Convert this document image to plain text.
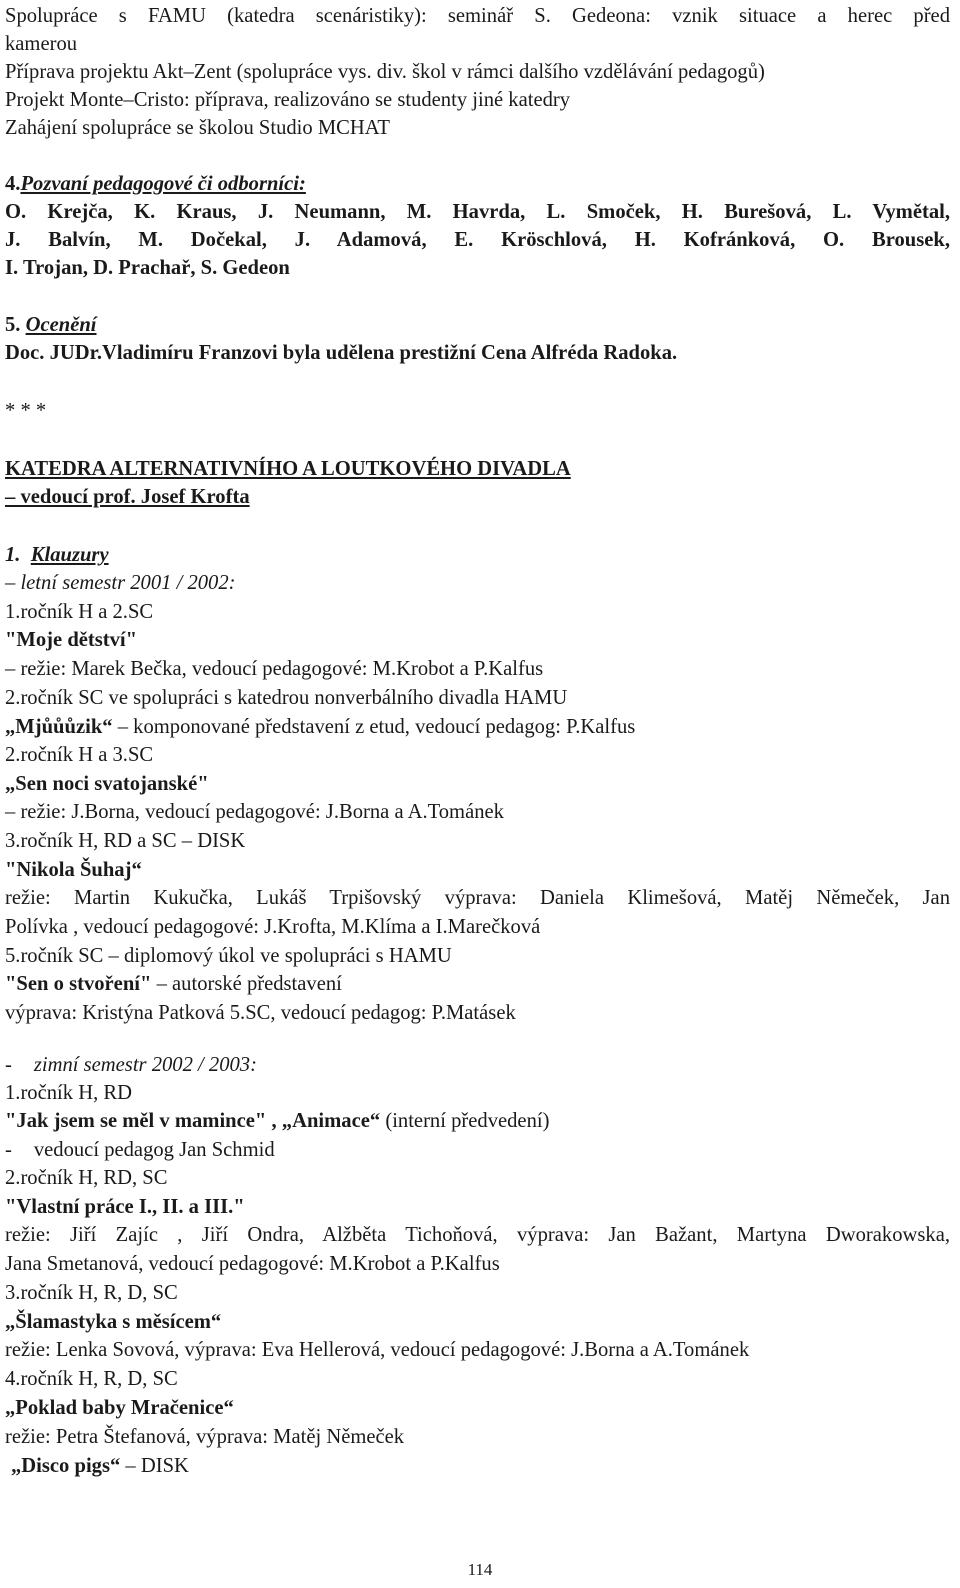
Spolupráce s FAMU (katedra scenáristiky): seminář S. Gedeona: vznik situace a herec před
kamerou
Příprava projektu Akt–Zent (spolupráce vys. div. škol v rámci dalšího vzdělávání pedagogů)
Projekt Monte–Cristo: příprava, realizováno se studenty jiné katedry
Zahájení spolupráce se školou Studio MCHAT
4.Pozvaní pedagogové či odborníci:
O. Krejča, K. Kraus, J. Neumann, M. Havrda, L. Smoček, H. Burešová, L. Vymětal,
J. Balvín, M. Dočekal, J. Adamová, E. Kröschlová, H. Kofránková, O. Brousek,
I. Trojan, D. Prachař, S. Gedeon
5. Ocenění
Doc. JUDr.Vladimíru Franzovi byla udělena prestižní Cena Alfréda Radoka.
* * *
KATEDRA ALTERNATIVNÍHO A LOUTKOVÉHO DIVADLA
– vedoucí prof. Josef Krofta
1. Klauzury
– letní semestr 2001 / 2002:
1.ročník H a 2.SC
"Moje dětství"
– režie: Marek Bečka, vedoucí pedagogové: M.Krobot a P.Kalfus
2.ročník SC ve spolupráci s katedrou nonverbálního divadla HAMU
„Mjůůůzik“ – komponované představení z etud, vedoucí pedagog: P.Kalfus
2.ročník H a 3.SC
„Sen noci svatojanské"
– režie: J.Borna, vedoucí pedagogové: J.Borna a A.Tománek
3.ročník H, RD a SC – DISK
"Nikola Šuhaj“
režie: Martin Kukučka, Lukáš Trpišovský výprava: Daniela Klimešová, Matěj Němeček, Jan
Polívka , vedoucí pedagogové: J.Krofta, M.Klíma a I.Marečková
5.ročník SC – diplomový úkol ve spolupráci s HAMU
"Sen o stvoření" – autorské představení
výprava: Kristýna Patková 5.SC, vedoucí pedagog: P.Matásek
- zimní semestr 2002 / 2003:
1.ročník H, RD
"Jak jsem se měl v mamince" , „Animace“ (interní předvedení)
- vedoucí pedagog Jan Schmid
2.ročník H, RD, SC
"Vlastní práce I., II. a III."
režie: Jiří Zajíc , Jiří Ondra, Alžběta Tichoňová, výprava: Jan Bažant, Martyna Dworakowska,
Jana Smetanová, vedoucí pedagogové: M.Krobot a P.Kalfus
3.ročník H, R, D, SC
„Šlamastyka s měsícem“
režie: Lenka Sovová, výprava: Eva Hellerová, vedoucí pedagogové: J.Borna a A.Tománek
4.ročník H, R, D, SC
„Poklad baby Mračenice“
režie: Petra Štefanová, výprava: Matěj Němeček
„Disco pigs“ – DISK
114
